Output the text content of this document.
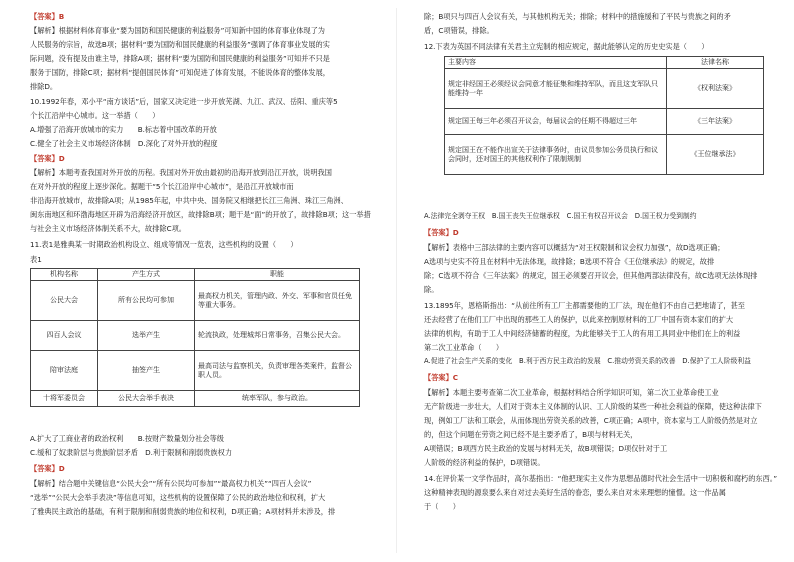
【答案】B
【解析】根据材料体育事业“要为国防和国民健康的利益服务”可知新中国的体育事业体现了为
人民服务的宗旨，故选B项；据材料“要为国防和国民健康的利益服务”强调了体育事业发展的实
际问题，没有提及由谁主导，排除A项；据材料“要为国防和国民健康的利益服务”可知并不只是
服务于国防，排除C项；据材料“提倡国民体育”可知促进了体育发展，不能说体育的整体发展，
排除D。
10.1992年春，邓小平“南方谈话”后，国家又决定进一步开放芜湖、九江、武汉、岳阳、重庆等5
个长江沿岸中心城市。这一举措（　　）
A.增强了沿海开放城市的实力　　B.标志着中国改革的开放
C.健全了社会主义市场经济体制　D.深化了对外开放的程度
【答案】D
【解析】本题考查我国对外开放的历程。我国对外开放由最初的沿海开放到沿江开放，说明我国
在对外开放的程度上逐步深化。据题干“5个长江沿岸中心城市”，是沿江开放城市而
非沿海开放城市，故排除A项；从1985年起，中共中央、国务院又相继把长江三角洲、珠江三角洲、
闽东南地区和环渤海地区开辟为沿海经济开放区，故排除B项；题干是“面”的开放了，故排除B项；这一举措
与社会主义市场经济体制关系不大，故排除C项。
11.表1是雅典某一时期政治机构设立、组成等情况一览表，这些机构的设置（　　）
表1
机构名称	产生方式	职能
公民大会	所有公民均可参加	最高权力机关，管理内政、外交、军事和官员任免等重大事务。
四百人会议	选举产生	轮流执政，处理城邦日常事务，召集公民大会。
陪审法庭	抽签产生	最高司法与监察机关，负责审理各类案件，监督公职人员。
十将军委员会	公民大会举手表决	统率军队，参与政治。
A.扩大了工商业者的政治权利　　B.按财产数量划分社会等级
C.缓和了奴隶阶层与贵族阶层矛盾　D.利于限制和削弱贵族权力
【答案】D
【解析】结合题中关键信息“公民大会”“所有公民均可参加”“最高权力机关”“四百人会议”
“选举”“公民大会举手表决”等信息可知，这些机构的设置保障了公民的政治地位和权利，扩大
了雅典民主政治的基础，有利于限制和削弱贵族的地位和权利，D项正确；A项材料并未涉及，排
除；B项只与四百人会议有关，与其他机构无关；排除；材料中的措施缓和了平民与贵族之间的矛
盾，C项错误，排除。
12.下表为英国不同法律有关君主立宪制的相应规定，据此能够认定的历史史实是（　　）
主要内容	法律名称
规定非经国王必须经议会同意才能征集和维持军队，而且这支军队只能维持一年	《权利法案》
规定国王每三年必须召开议会，每届议会的任期不得超过三年	《三年法案》
规定国王在不能作出宣关于法律事务时，由议员参加公务员执行和议会同时，还对国王的其他权利作了限制规制	《王位继承法》
A.法律完全剥夺王权　B.国王丧失王位继承权　C.国王有权召开议会　D.国王权力受到制约
【答案】D
【解析】表格中三部法律的主要内容可以概括为“对王权限制和议会权力加强”，故D选项正确；
A选项与史实不符且在材料中无法体现，故排除；B选项不符合《王位继承法》的规定，故排
除；C选项不符合《三年法案》的规定，国王必须要召开议会，但其他两部法律没有，故C选项无法体现排
除。
13.1895年，恩格斯指出：“从前往所有工厂主都需要他的工厂法，现在他们不由自己把地请了，甚至
还去经营了在他们工厂中出现的那些工人的保护，以此来控制原材料的工厂中国有资本家们的扩大
法律的机构，有助于工人中间经济储蓄的程度，为此能够关于工人的有用工具同业中他们在上的利益
第二次工业革命（　　）
A.促进了社会生产关系的变化　B.利于西方民主政治的发展　C.推动劳资关系的改善　D.保护了工人阶级利益
【答案】C
【解析】本题主要考查第二次工业革命，根据材料结合所学知识可知，第二次工业革命使工业
无产阶级进一步壮大，人们对于资本主义体制的认识、工人阶级的某些一种社会利益的保障，使这种法律下
现，例如工厂法和工联会，从而体现出劳资关系的改善，C项正确；A项中，资本家与工人阶级仍然是对立
的，但这个问题在劳资之间已经不是主要矛盾了，B项与材料无关，
A项错误；B项西方民主政治的发展与材料无关，故B项错误；D项仅针对于工
人阶级的经济利益的保护，D项错误。
14.在评价某一文学作品时，高尔基指出：“他把现实主义作为思想品德时代社会生活中一切积极和腐朽的东西。”
这种精神表现的源泉要么来自对过去美好生活的眷恋，要么来自对未来理想的憧憬。这一作品属
于（　　）
